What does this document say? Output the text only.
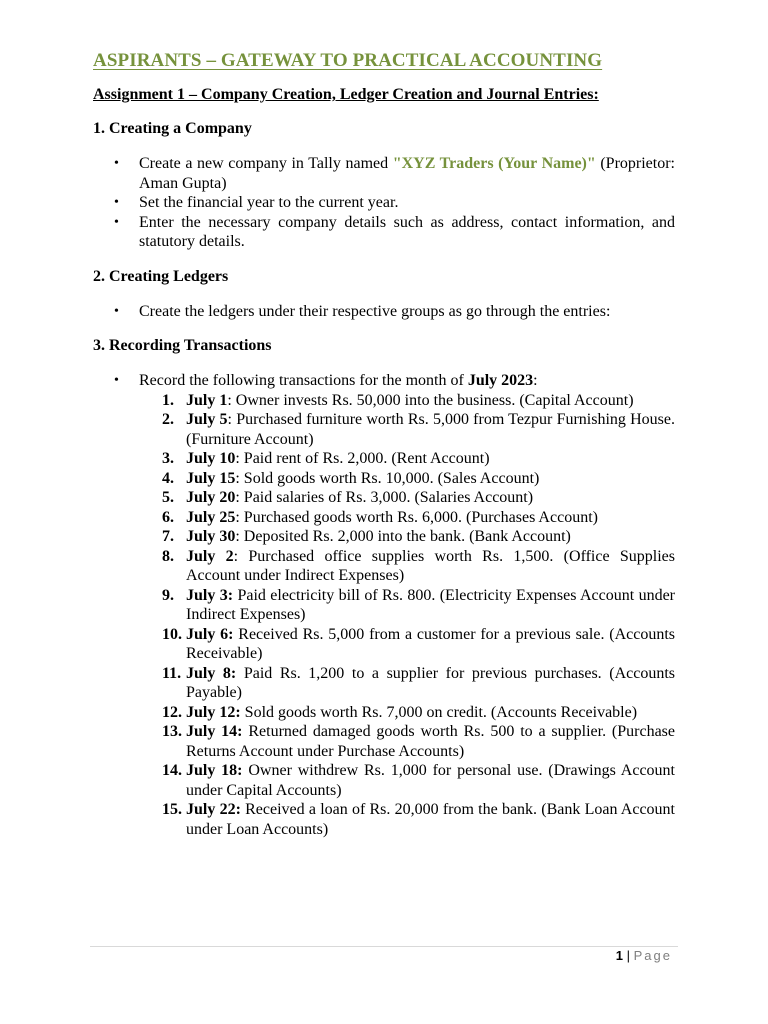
ASPIRANTS – GATEWAY TO PRACTICAL ACCOUNTING
Assignment 1 – Company Creation, Ledger Creation and Journal Entries:
1. Creating a Company
• Create a new company in Tally named "XYZ Traders (Your Name)" (Proprietor: Aman Gupta)
• Set the financial year to the current year.
• Enter the necessary company details such as address, contact information, and statutory details.
2. Creating Ledgers
• Create the ledgers under their respective groups as go through the entries:
3. Recording Transactions
• Record the following transactions for the month of July 2023:
1. July 1: Owner invests Rs. 50,000 into the business. (Capital Account)
2. July 5: Purchased furniture worth Rs. 5,000 from Tezpur Furnishing House. (Furniture Account)
3. July 10: Paid rent of Rs. 2,000. (Rent Account)
4. July 15: Sold goods worth Rs. 10,000. (Sales Account)
5. July 20: Paid salaries of Rs. 3,000. (Salaries Account)
6. July 25: Purchased goods worth Rs. 6,000. (Purchases Account)
7. July 30: Deposited Rs. 2,000 into the bank. (Bank Account)
8. July 2: Purchased office supplies worth Rs. 1,500. (Office Supplies Account under Indirect Expenses)
9. July 3: Paid electricity bill of Rs. 800. (Electricity Expenses Account under Indirect Expenses)
10. July 6: Received Rs. 5,000 from a customer for a previous sale. (Accounts Receivable)
11. July 8: Paid Rs. 1,200 to a supplier for previous purchases. (Accounts Payable)
12. July 12: Sold goods worth Rs. 7,000 on credit. (Accounts Receivable)
13. July 14: Returned damaged goods worth Rs. 500 to a supplier. (Purchase Returns Account under Purchase Accounts)
14. July 18: Owner withdrew Rs. 1,000 for personal use. (Drawings Account under Capital Accounts)
15. July 22: Received a loan of Rs. 20,000 from the bank. (Bank Loan Account under Loan Accounts)
1 | Page
